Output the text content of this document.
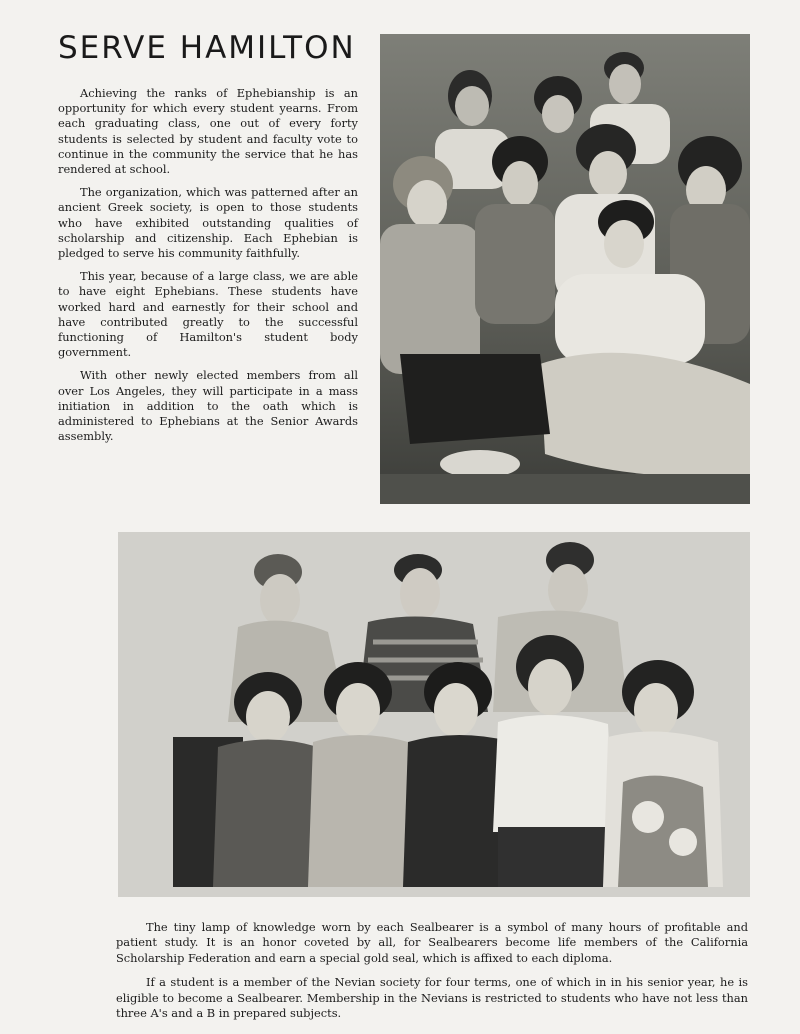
SERVE HAMILTON

Achieving the ranks of Ephebianship is an opportunity for which every student yearns. From each graduating class, one out of every forty students is selected by student and faculty vote to continue in the community the service that he has rendered at school.

The organization, which was patterned after an ancient Greek society, is open to those students who have exhibited outstanding qualities of scholarship and citizenship. Each Ephebian is pledged to serve his community faithfully.

This year, because of a large class, we are able to have eight Ephebians. These students have worked hard and earnestly for their school and have contributed greatly to the successful functioning of Hamilton's student body government.

With other newly elected members from all over Los Angeles, they will participate in a mass initiation in addition to the oath which is administered to Ephebians at the Senior Awards assembly.

The tiny lamp of knowledge worn by each Sealbearer is a symbol of many hours of profitable and patient study. It is an honor coveted by all, for Sealbearers become life members of the California Scholarship Federation and earn a special gold seal, which is affixed to each diploma.

If a student is a member of the Nevian society for four terms, one of which in in his senior year, he is eligible to become a Sealbearer. Membership in the Nevians is restricted to students who have not less than three A's and a B in prepared subjects.
